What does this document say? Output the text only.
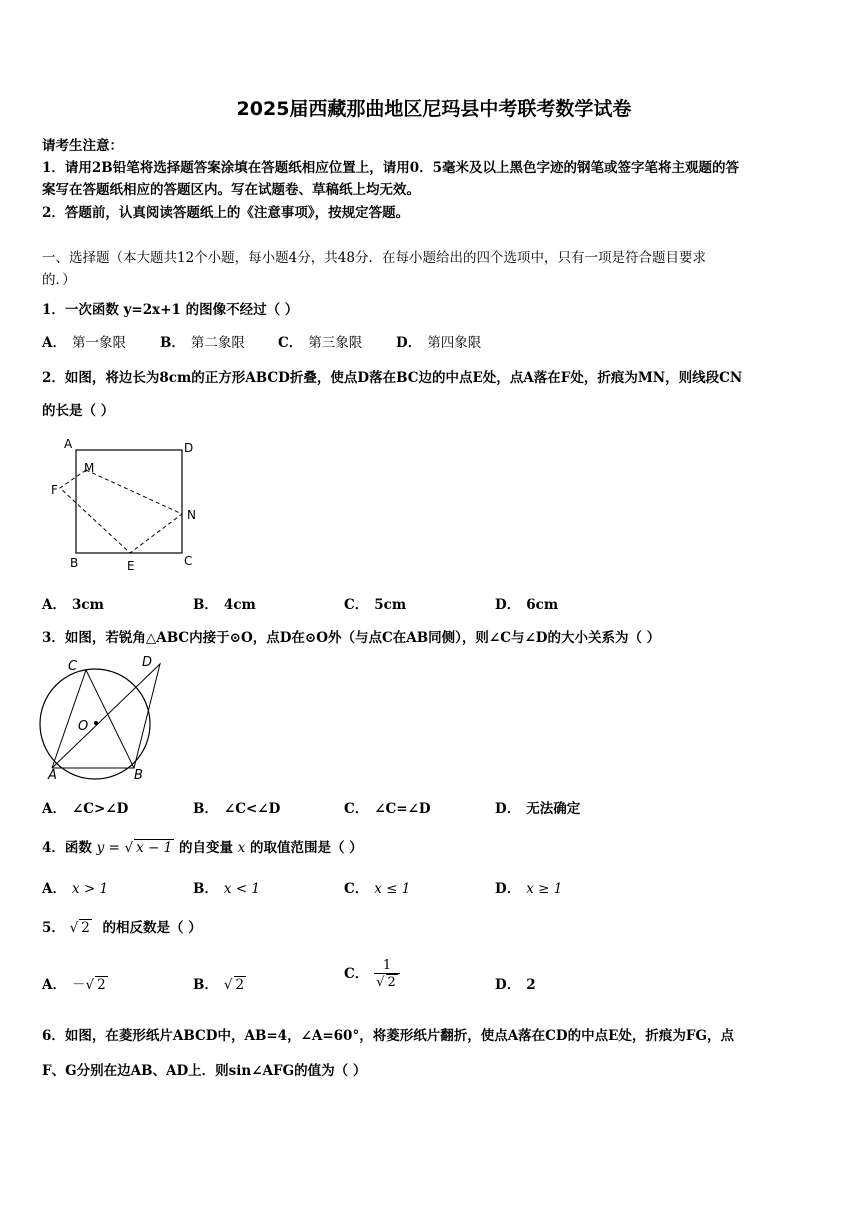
2025届西藏那曲地区尼玛县中考联考数学试卷
请考生注意：
1．请用2B铅笔将选择题答案涂填在答题纸相应位置上，请用0．5毫米及以上黑色字迹的钢笔或签字笔将主观题的答
案写在答题纸相应的答题区内。写在试题卷、草稿纸上均无效。
2．答题前，认真阅读答题纸上的《注意事项》，按规定答题。
一、选择题（本大题共12个小题，每小题4分，共48分．在每小题给出的四个选项中，只有一项是符合题目要求
的．）
1．一次函数 y=2x+1 的图像不经过（ ）
A． 第一象限	B． 第二象限 C． 第三象限	D． 第四象限
2．如图，将边长为8cm的正方形ABCD折叠，使点D落在BC边的中点E处，点A落在F处，折痕为MN，则线段CN
的长是（ ）
A	D
M
F
N
B	E	C
A． 3cm	B． 4cm	C． 5cm	D． 6cm
3．如图，若锐角△ABC内接于⊙O，点D在⊙O外（与点C在AB同侧），则∠C与∠D的大小关系为（ ）
C	D
O
A	B
A． ∠C>∠D	B． ∠C<∠D	C． ∠C=∠D	D． 无法确定
4．函数 y = √ x − 1 的自变量 x 的取值范围是（ ）
A． x > 1	B． x < 1	C． x ≤ 1	D． x ≥ 1
5． √ 2 的相反数是（ ）
A． －√ 2	B． √ 2
C． $\frac{1}{√ 2}$	D． 2
6．如图，在菱形纸片ABCD中，AB=4，∠A=60°，将菱形纸片翻折，使点A落在CD的中点E处，折痕为FG，点
F、G分别在边AB、AD上．则sin∠AFG的值为（ ）
